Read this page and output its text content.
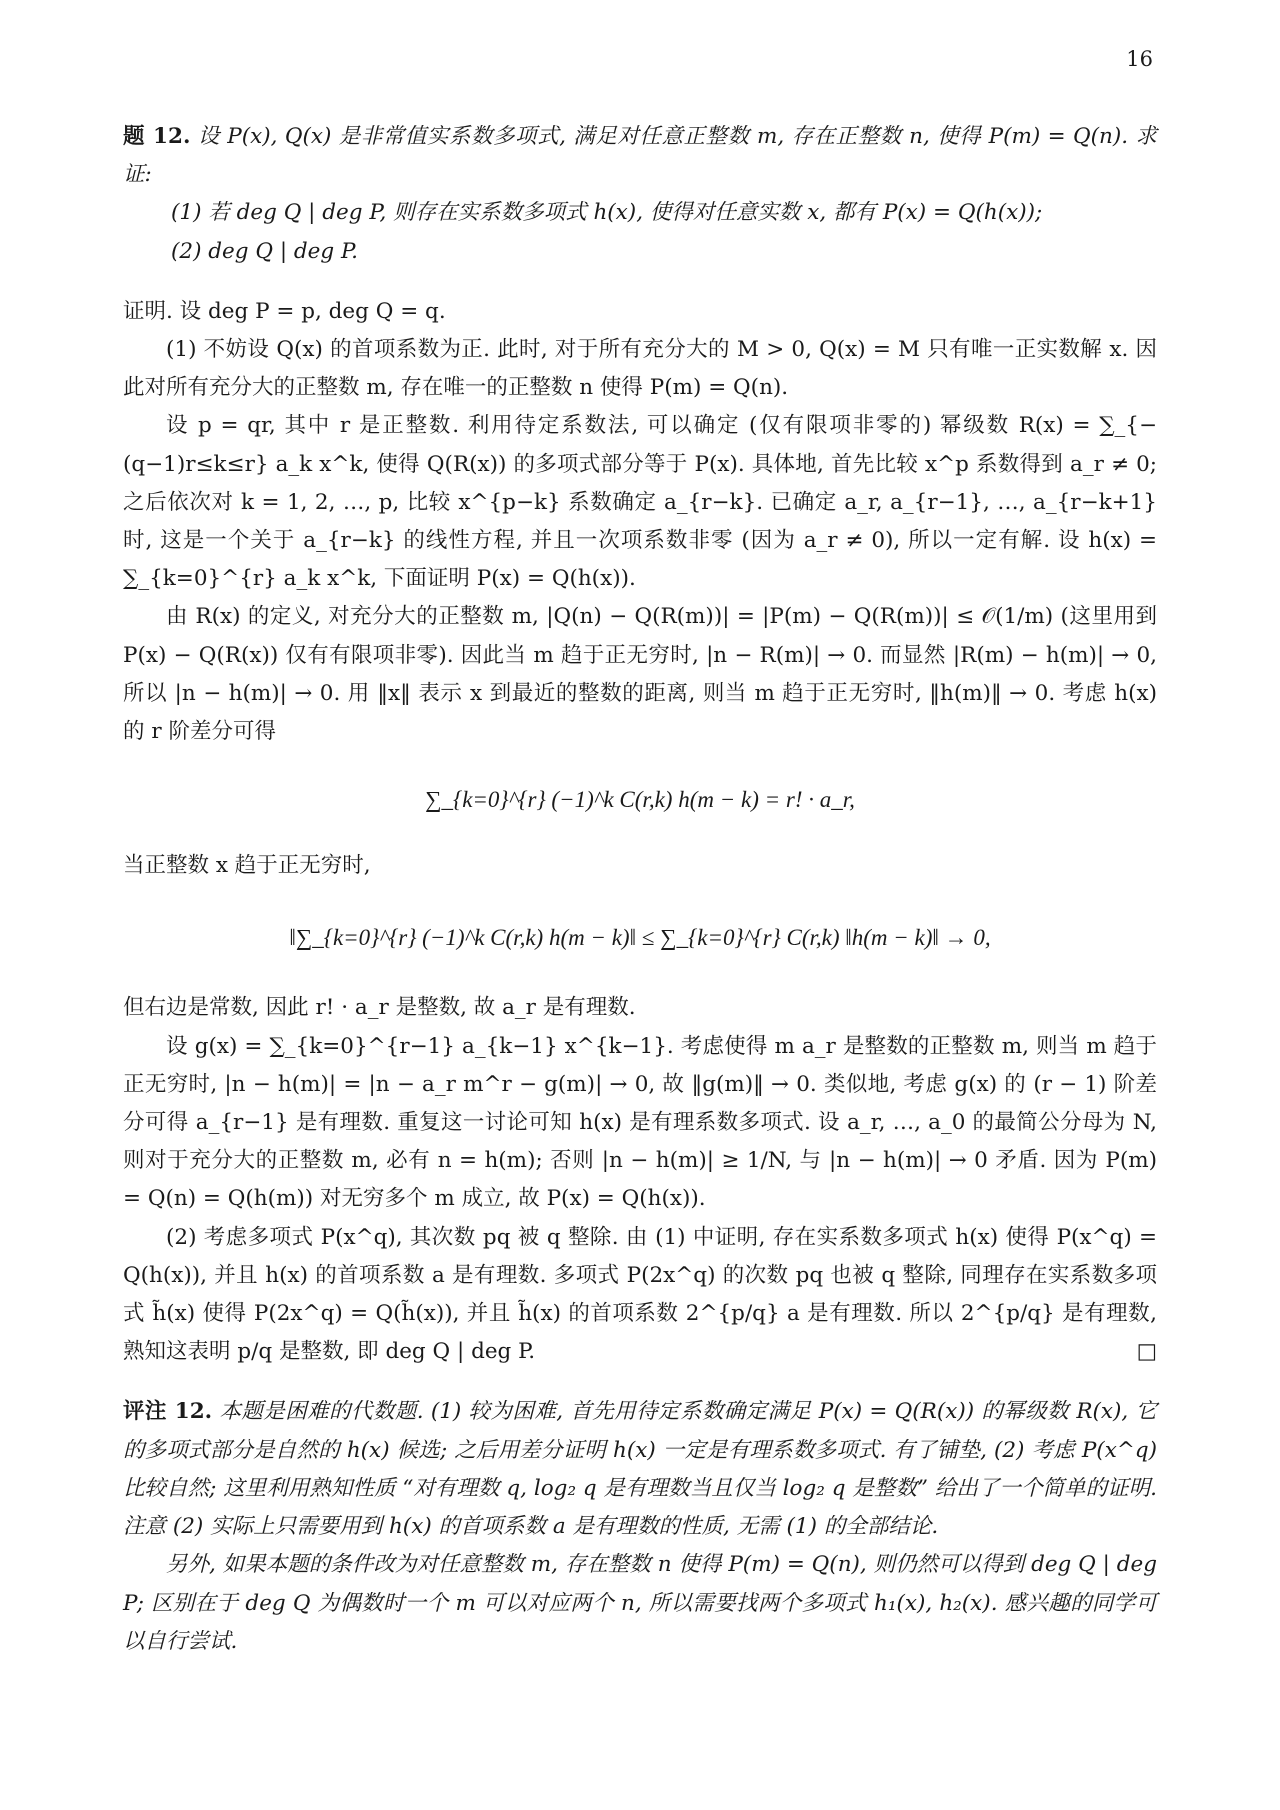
16

题 12. 设 P(x), Q(x) 是非常值实系数多项式, 满足对任意正整数 m, 存在正整数 n, 使得 P(m) = Q(n). 求证:

(1) 若 deg Q | deg P, 则存在实系数多项式 h(x), 使得对任意实数 x, 都有 P(x) = Q(h(x));

(2) deg Q | deg P.

证明. 设 deg P = p, deg Q = q.

(1) 不妨设 Q(x) 的首项系数为正. 此时, 对于所有充分大的 M > 0, Q(x) = M 只有唯一正实数解 x. 因此对所有充分大的正整数 m, 存在唯一的正整数 n 使得 P(m) = Q(n).

设 p = qr, 其中 r 是正整数. 利用待定系数法, 可以确定 (仅有限项非零的) 幂级数 R(x) = ∑_{−(q−1)r≤k≤r} a_k x^k, 使得 Q(R(x)) 的多项式部分等于 P(x). 具体地, 首先比较 x^p 系数得到 a_r ≠ 0; 之后依次对 k = 1, 2, …, p, 比较 x^{p−k} 系数确定 a_{r−k}. 已确定 a_r, a_{r−1}, …, a_{r−k+1} 时, 这是一个关于 a_{r−k} 的线性方程, 并且一次项系数非零 (因为 a_r ≠ 0), 所以一定有解. 设 h(x) = ∑_{k=0}^{r} a_k x^k, 下面证明 P(x) = Q(h(x)).

由 R(x) 的定义, 对充分大的正整数 m, |Q(n) − Q(R(m))| = |P(m) − Q(R(m))| ≤ 𝒪(1/m) (这里用到 P(x) − Q(R(x)) 仅有有限项非零). 因此当 m 趋于正无穷时, |n − R(m)| → 0. 而显然 |R(m) − h(m)| → 0, 所以 |n − h(m)| → 0. 用 ‖x‖ 表示 x 到最近的整数的距离, 则当 m 趋于正无穷时, ‖h(m)‖ → 0. 考虑 h(x) 的 r 阶差分可得

∑_{k=0}^{r} (−1)^k C(r,k) h(m − k) = r! · a_r,

当正整数 x 趋于正无穷时,

‖∑_{k=0}^{r} (−1)^k C(r,k) h(m − k)‖ ≤ ∑_{k=0}^{r} C(r,k) ‖h(m − k)‖ → 0,

但右边是常数, 因此 r! · a_r 是整数, 故 a_r 是有理数.

设 g(x) = ∑_{k=0}^{r−1} a_{k−1} x^{k−1}. 考虑使得 m a_r 是整数的正整数 m, 则当 m 趋于正无穷时, |n − h(m)| = |n − a_r m^r − g(m)| → 0, 故 ‖g(m)‖ → 0. 类似地, 考虑 g(x) 的 (r − 1) 阶差分可得 a_{r−1} 是有理数. 重复这一讨论可知 h(x) 是有理系数多项式. 设 a_r, …, a_0 的最简公分母为 N, 则对于充分大的正整数 m, 必有 n = h(m); 否则 |n − h(m)| ≥ 1/N, 与 |n − h(m)| → 0 矛盾. 因为 P(m) = Q(n) = Q(h(m)) 对无穷多个 m 成立, 故 P(x) = Q(h(x)).

(2) 考虑多项式 P(x^q), 其次数 pq 被 q 整除. 由 (1) 中证明, 存在实系数多项式 h(x) 使得 P(x^q) = Q(h(x)), 并且 h(x) 的首项系数 a 是有理数. 多项式 P(2x^q) 的次数 pq 也被 q 整除, 同理存在实系数多项式 h̃(x) 使得 P(2x^q) = Q(h̃(x)), 并且 h̃(x) 的首项系数 2^{p/q} a 是有理数. 所以 2^{p/q} 是有理数, 熟知这表明 p/q 是整数, 即 deg Q | deg P.	□

评注 12. 本题是困难的代数题. (1) 较为困难, 首先用待定系数确定满足 P(x) = Q(R(x)) 的幂级数 R(x), 它的多项式部分是自然的 h(x) 候选; 之后用差分证明 h(x) 一定是有理系数多项式. 有了铺垫, (2) 考虑 P(x^q) 比较自然; 这里利用熟知性质 “对有理数 q, log₂ q 是有理数当且仅当 log₂ q 是整数” 给出了一个简单的证明. 注意 (2) 实际上只需要用到 h(x) 的首项系数 a 是有理数的性质, 无需 (1) 的全部结论.

另外, 如果本题的条件改为对任意整数 m, 存在整数 n 使得 P(m) = Q(n), 则仍然可以得到 deg Q | deg P; 区别在于 deg Q 为偶数时一个 m 可以对应两个 n, 所以需要找两个多项式 h₁(x), h₂(x). 感兴趣的同学可以自行尝试.
